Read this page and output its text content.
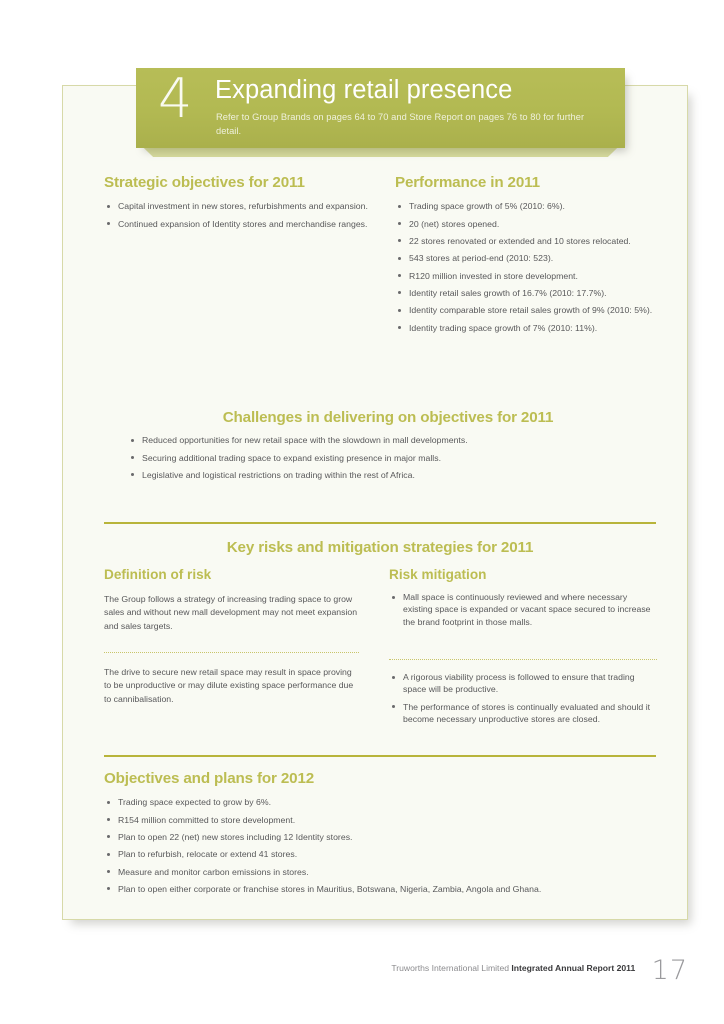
Strategic objectives for 2011
Capital investment in new stores, refurbishments and expansion.
Continued expansion of Identity stores and merchandise ranges.
Performance in 2011
Trading space growth of 5% (2010: 6%).
20 (net) stores opened.
22 stores renovated or extended and 10 stores relocated.
543 stores at period-end (2010: 523).
R120 million invested in store development.
Identity retail sales growth of 16.7% (2010: 17.7%).
Identity comparable store retail sales growth of 9% (2010: 5%).
Identity trading space growth of 7% (2010: 11%).
Challenges in delivering on objectives for 2011
Reduced opportunities for new retail space with the slowdown in mall developments.
Securing additional trading space to expand existing presence in major malls.
Legislative and logistical restrictions on trading within the rest of Africa.
Key risks and mitigation strategies for 2011
Definition of risk	Risk mitigation

The Group follows a strategy of increasing trading space to grow sales and without new mall development may not meet expansion and sales targets.

The drive to secure new retail space may result in space proving to be unproductive or may dilute existing space performance due to cannibalisation.

Mall space is continuously reviewed and where necessary existing space is expanded or vacant space secured to increase the brand footprint in those malls.
A rigorous viability process is followed to ensure that trading space will be productive.
The performance of stores is continually evaluated and should it become necessary unproductive stores are closed.
Objectives and plans for 2012
Trading space expected to grow by 6%.
R154 million committed to store development.
Plan to open 22 (net) new stores including 12 Identity stores.
Plan to refurbish, relocate or extend 41 stores.
Measure and monitor carbon emissions in stores.
Plan to open either corporate or franchise stores in Mauritius, Botswana, Nigeria, Zambia, Angola and Ghana.
4 Expanding retail presence
Refer to Group Brands on pages 64 to 70 and Store Report on pages 76 to 80 for further detail.
Truworths International Limited Integrated Annual Report 2011 17
